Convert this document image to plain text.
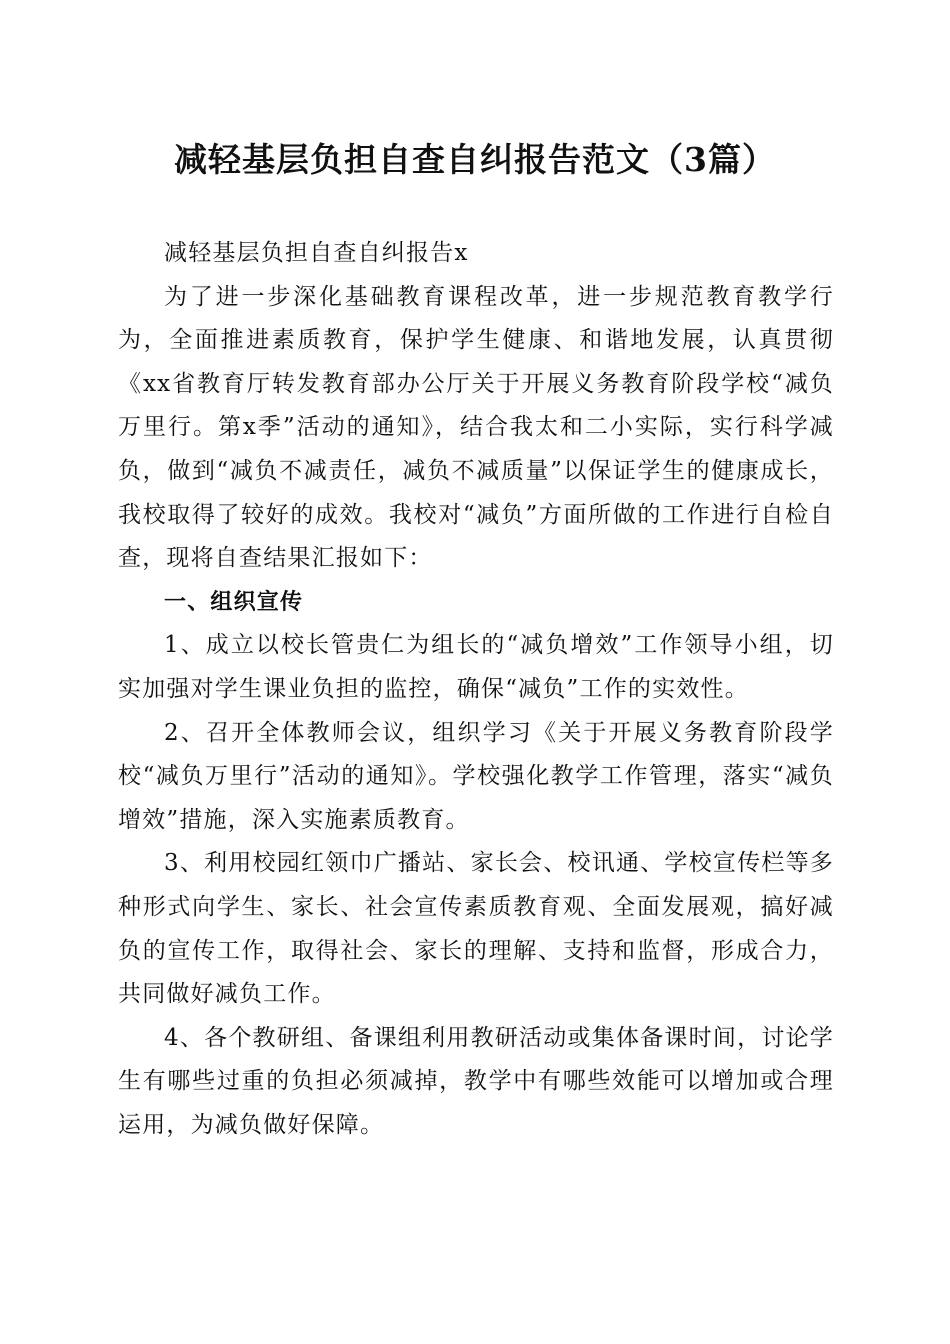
减轻基层负担自查自纠报告范文（3篇）

减轻基层负担自查自纠报告x

为了进一步深化基础教育课程改革，进一步规范教育教学行为，全面推进素质教育，保护学生健康、和谐地发展，认真贯彻《xx省教育厅转发教育部办公厅关于开展义务教育阶段学校“减负万里行。第x季”活动的通知》，结合我太和二小实际，实行科学减负，做到“减负不减责任，减负不减质量”以保证学生的健康成长，我校取得了较好的成效。我校对“减负”方面所做的工作进行自检自查，现将自查结果汇报如下：

一、组织宣传

1、成立以校长管贵仁为组长的“减负增效”工作领导小组，切实加强对学生课业负担的监控，确保“减负”工作的实效性。

2、召开全体教师会议，组织学习《关于开展义务教育阶段学校“减负万里行”活动的通知》。学校强化教学工作管理，落实“减负增效”措施，深入实施素质教育。

3、利用校园红领巾广播站、家长会、校讯通、学校宣传栏等多种形式向学生、家长、社会宣传素质教育观、全面发展观，搞好减负的宣传工作，取得社会、家长的理解、支持和监督，形成合力，共同做好减负工作。

4、各个教研组、备课组利用教研活动或集体备课时间，讨论学生有哪些过重的负担必须减掉，教学中有哪些效能可以增加或合理运用，为减负做好保障。
